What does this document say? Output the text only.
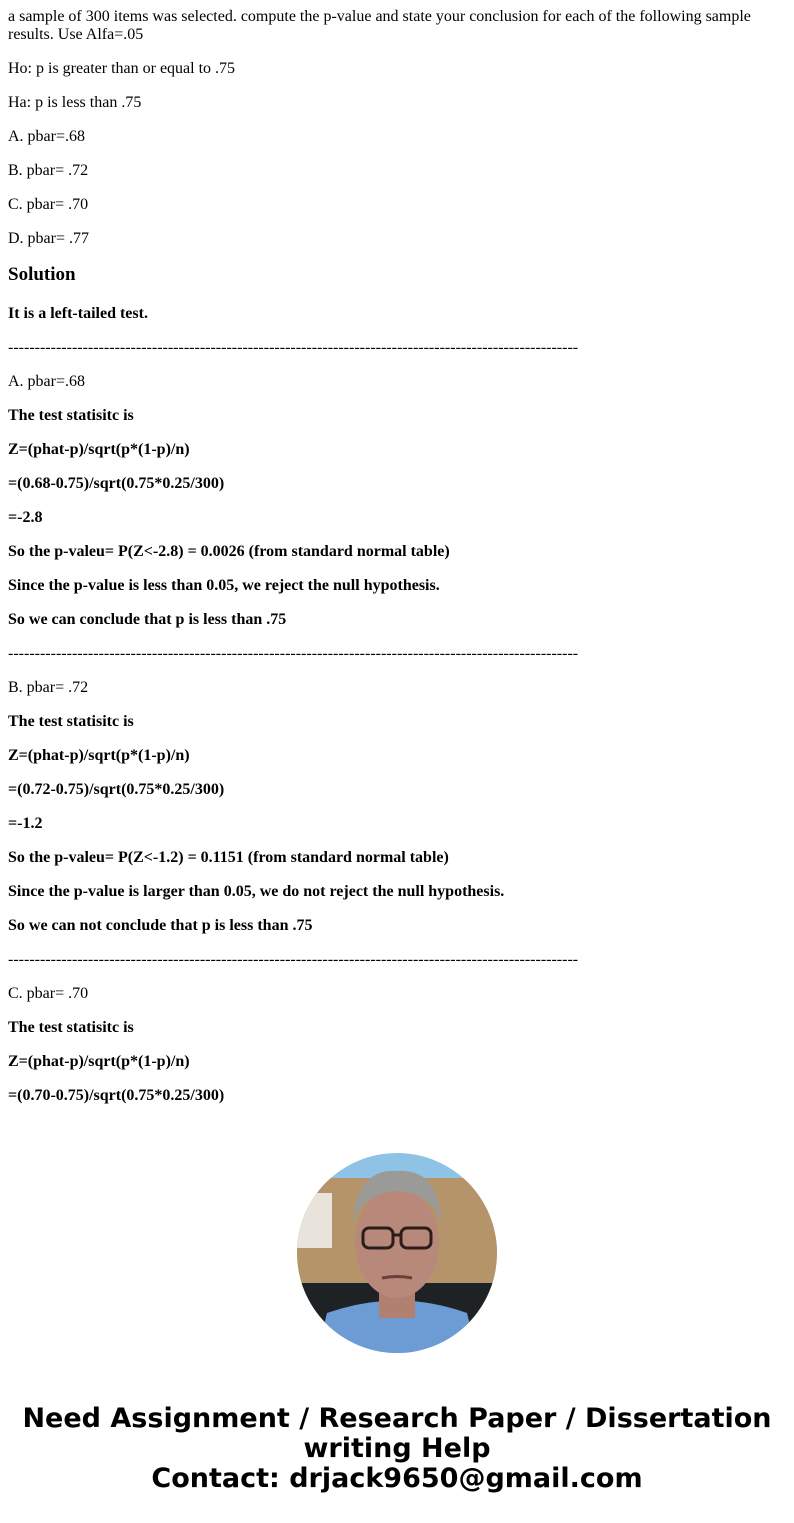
a sample of 300 items was selected. compute the p-value and state your conclusion for each of the following sample results. Use Alfa=.05
Ho: p is greater than or equal to .75
Ha: p is less than .75
A. pbar=.68
B. pbar= .72
C. pbar= .70
D. pbar= .77
Solution
It is a left-tailed test.
-----------------------------------------------------------------------------------------------------------
A. pbar=.68
The test statisitc is
Z=(phat-p)/sqrt(p*(1-p)/n)
=(0.68-0.75)/sqrt(0.75*0.25/300)
=-2.8
So the p-valeu= P(Z<-2.8) = 0.0026 (from standard normal table)
Since the p-value is less than 0.05, we reject the null hypothesis.
So we can conclude that p is less than .75
-----------------------------------------------------------------------------------------------------------
B. pbar= .72
The test statisitc is
Z=(phat-p)/sqrt(p*(1-p)/n)
=(0.72-0.75)/sqrt(0.75*0.25/300)
=-1.2
So the p-valeu= P(Z<-1.2) = 0.1151 (from standard normal table)
Since the p-value is larger than 0.05, we do not reject the null hypothesis.
So we can not conclude that p is less than .75
-----------------------------------------------------------------------------------------------------------
C. pbar= .70
The test statisitc is
Z=(phat-p)/sqrt(p*(1-p)/n)
=(0.70-0.75)/sqrt(0.75*0.25/300)
Need Assignment / Research Paper / Dissertation
writing Help
Contact: drjack9650@gmail.com
